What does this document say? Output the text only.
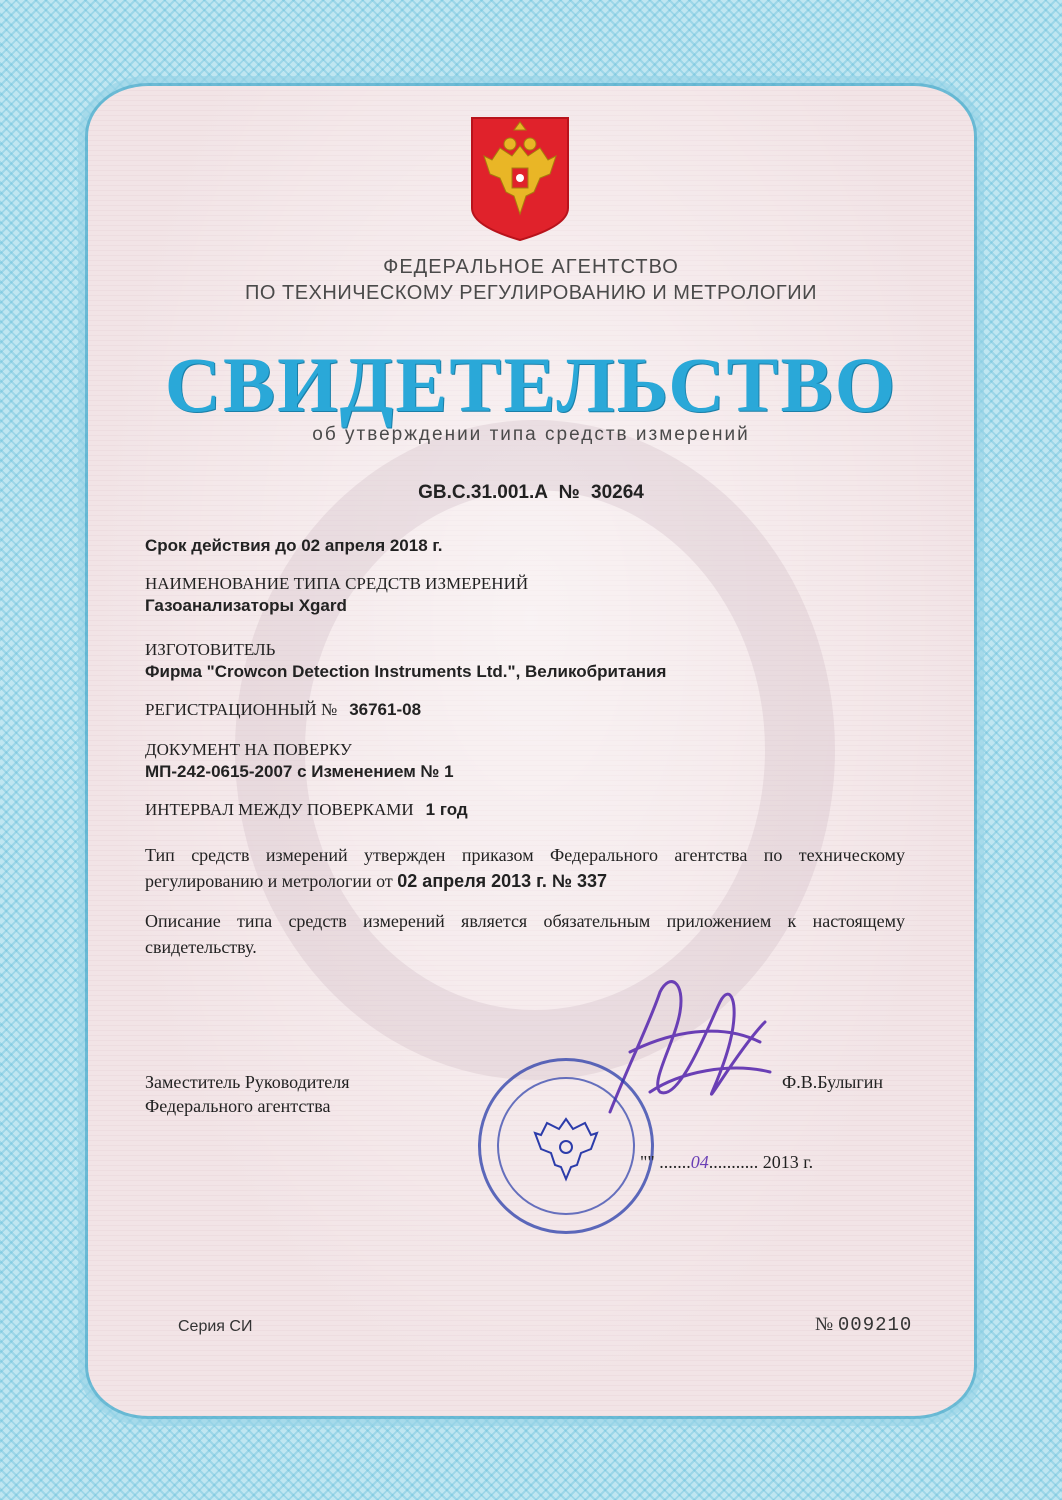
ФЕДЕРАЛЬНОЕ АГЕНТСТВО
ПО ТЕХНИЧЕСКОМУ РЕГУЛИРОВАНИЮ И МЕТРОЛОГИИ
СВИДЕТЕЛЬСТВО
об утверждении типа средств измерений
GB.C.31.001.A № 30264
Срок действия до 02 апреля 2018 г.
НАИМЕНОВАНИЕ ТИПА СРЕДСТВ ИЗМЕРЕНИЙ
Газоанализаторы Xgard
ИЗГОТОВИТЕЛЬ
Фирма "Crowcon Detection Instruments Ltd.", Великобритания
РЕГИСТРАЦИОННЫЙ № 36761-08
ДОКУМЕНТ НА ПОВЕРКУ
МП-242-0615-2007 с Изменением № 1
ИНТЕРВАЛ МЕЖДУ ПОВЕРКАМИ 1 год
Тип средств измерений утвержден приказом Федерального агентства по техническому регулированию и метрологии от 02 апреля 2013 г. № 337
Описание типа средств измерений является обязательным приложением к настоящему свидетельству.
Заместитель Руководителя
Федерального агентства
Ф.В.Булыгин
"" .......04........... 2013 г.
Серия СИ	№ 009210
